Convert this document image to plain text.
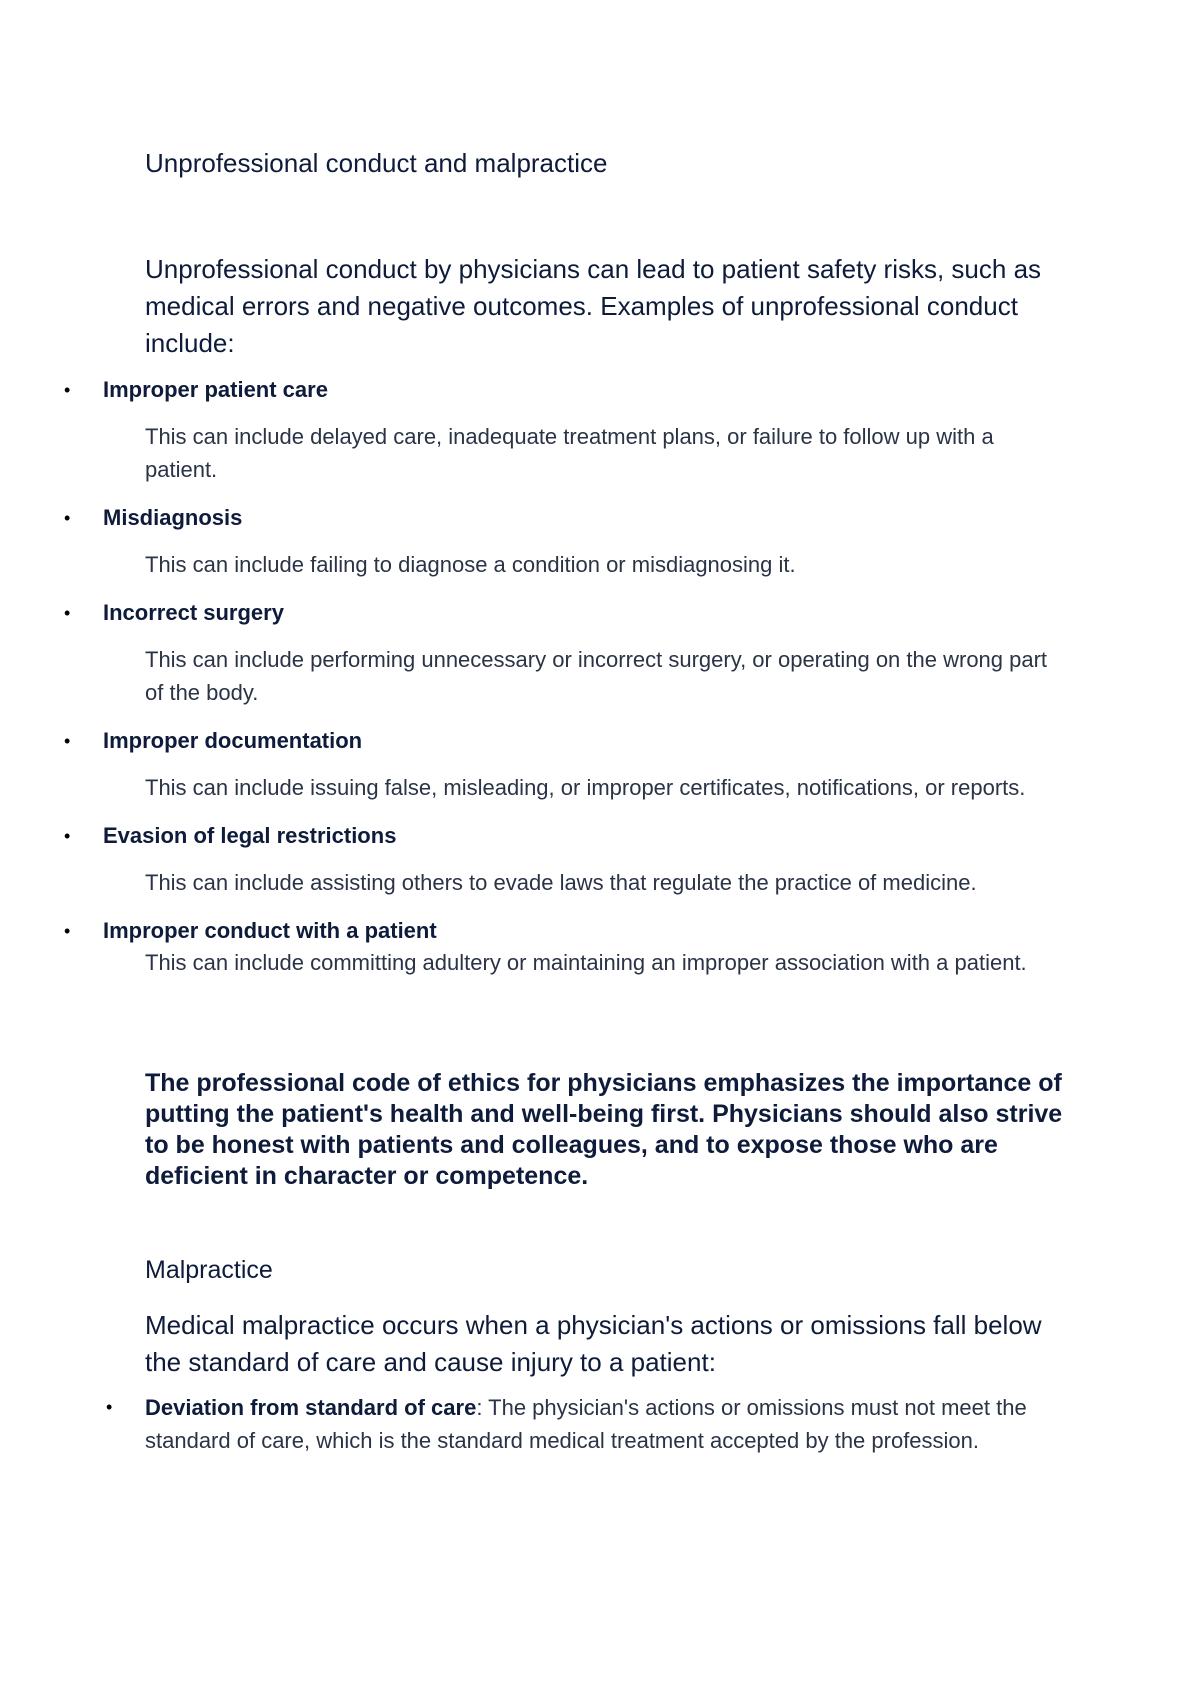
Unprofessional conduct and malpractice

Unprofessional conduct by physicians can lead to patient safety risks, such as medical errors and negative outcomes. Examples of unprofessional conduct include:

• Improper patient care
This can include delayed care, inadequate treatment plans, or failure to follow up with a patient.
• Misdiagnosis
This can include failing to diagnose a condition or misdiagnosing it.
• Incorrect surgery
This can include performing unnecessary or incorrect surgery, or operating on the wrong part of the body.
• Improper documentation
This can include issuing false, misleading, or improper certificates, notifications, or reports.
• Evasion of legal restrictions
This can include assisting others to evade laws that regulate the practice of medicine.
• Improper conduct with a patient
This can include committing adultery or maintaining an improper association with a patient.

The professional code of ethics for physicians emphasizes the importance of putting the patient's health and well-being first. Physicians should also strive to be honest with patients and colleagues, and to expose those who are deficient in character or competence.

Malpractice

Medical malpractice occurs when a physician's actions or omissions fall below the standard of care and cause injury to a patient:

• Deviation from standard of care: The physician's actions or omissions must not meet the standard of care, which is the standard medical treatment accepted by the profession.
